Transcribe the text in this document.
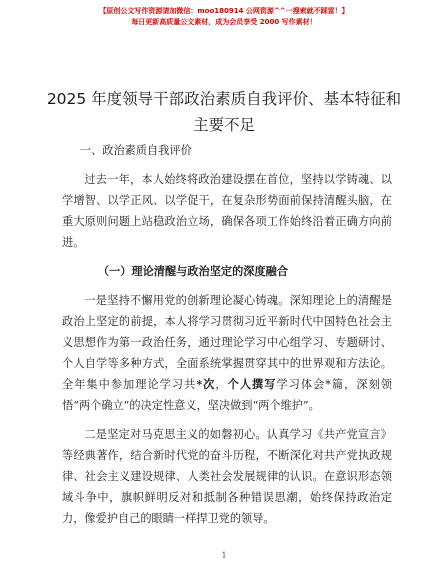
【原创公文写作资源请加微信：moo180914 公网资源^^一搜索就不踩雷！】
每日更新高质量公文素材，成为会员享受 2000 写作素材！
2025 年度领导干部政治素质自我评价、基本特征和主要不足

一、政治素质自我评价

过去一年，本人始终将政治建设摆在首位，坚持以学铸魂、以学增智、以学正风、以学促干，在复杂形势面前保持清醒头脑，在重大原则问题上站稳政治立场，确保各项工作始终沿着正确方向前进。

（一）理论清醒与政治坚定的深度融合

一是坚持不懈用党的创新理论凝心铸魂。深知理论上的清醒是政治上坚定的前提，本人将学习贯彻习近平新时代中国特色社会主义思想作为第一政治任务，通过理论学习中心组学习、专题研讨、个人自学等多种方式，全面系统掌握贯穿其中的世界观和方法论。全年集中参加理论学习共*次，个人撰写学习体会*篇，深刻领悟“两个确立”的决定性意义，坚决做到“两个维护”。

二是坚定对马克思主义的如磐初心。认真学习《共产党宣言》等经典著作，结合新时代党的奋斗历程，不断深化对共产党执政规律、社会主义建设规律、人类社会发展规律的认识。在意识形态领域斗争中，旗帜鲜明反对和抵制各种错误思潮，始终保持政治定力，像爱护自己的眼睛一样捍卫党的领导。

1
